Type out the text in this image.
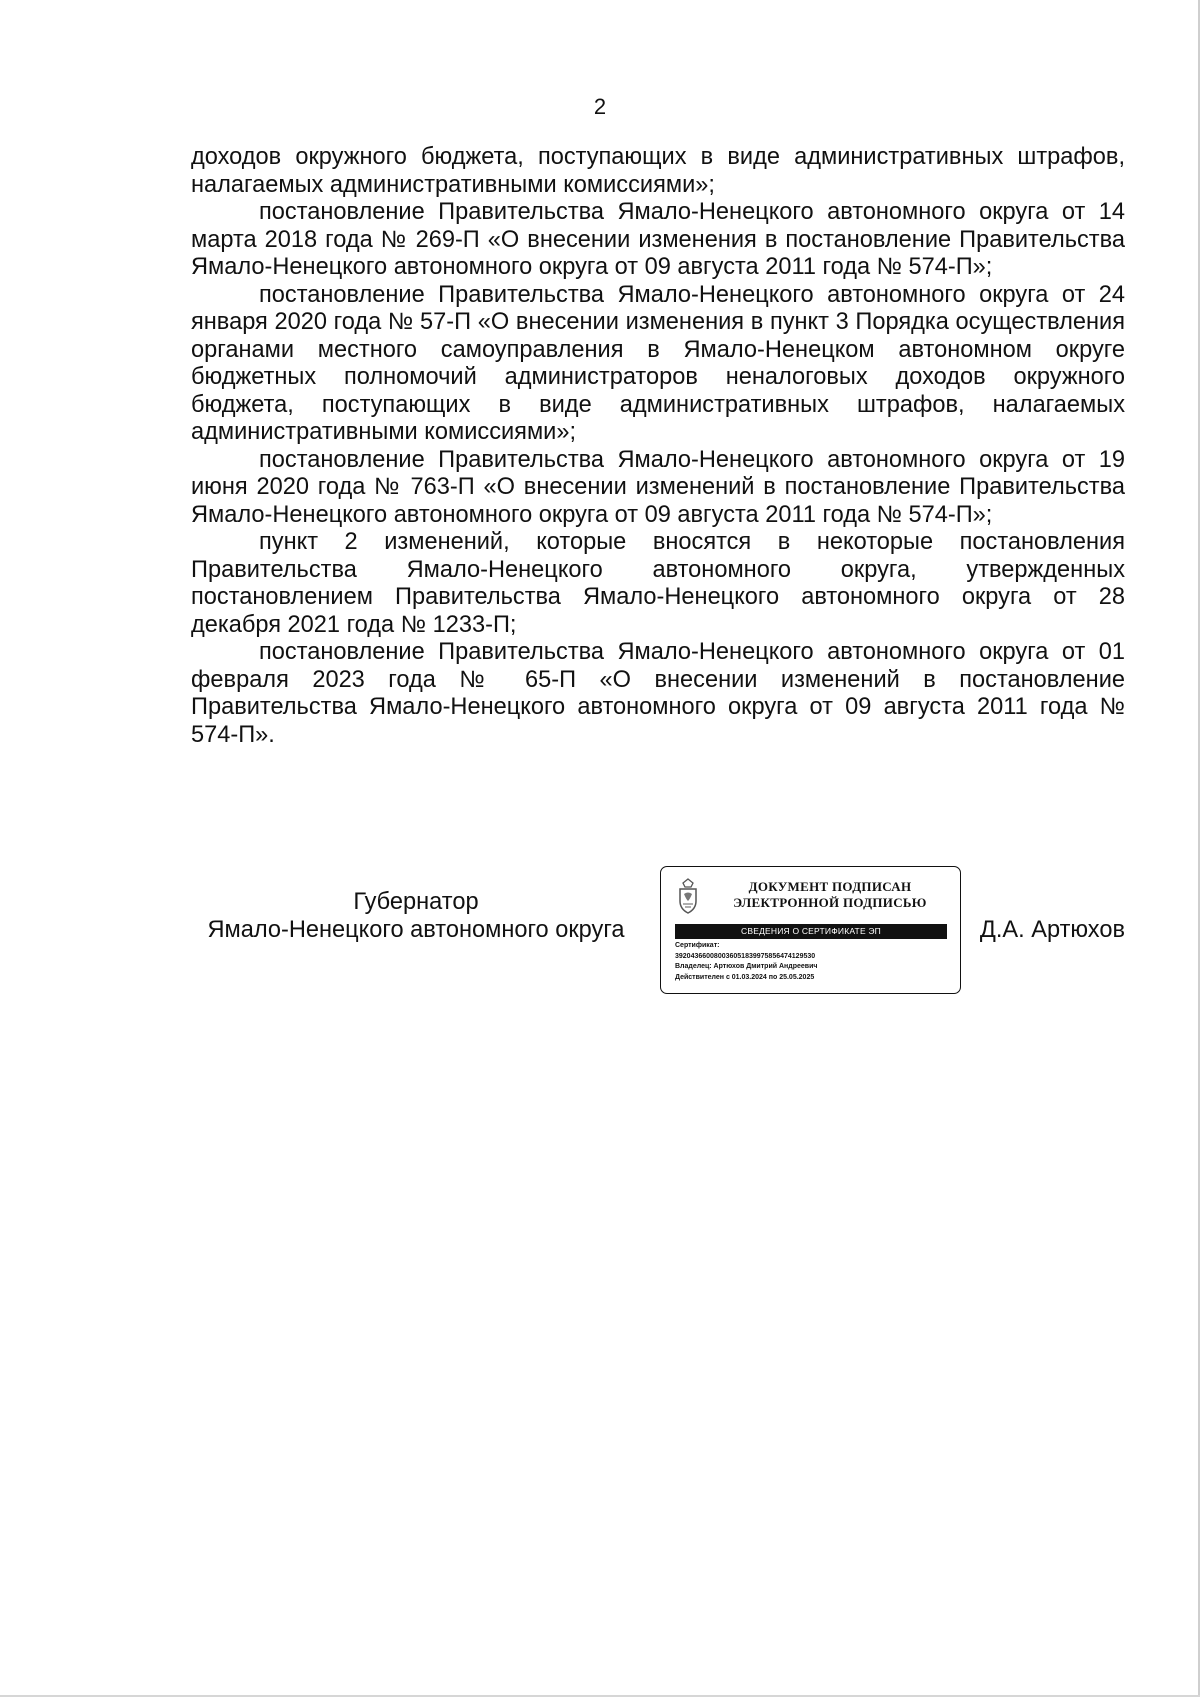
2

доходов окружного бюджета, поступающих в виде административных штрафов, налагаемых административными комиссиями»;

постановление Правительства Ямало-Ненецкого автономного округа от 14 марта 2018 года № 269-П «О внесении изменения в постановление Правительства Ямало-Ненецкого автономного округа от 09 августа 2011 года № 574-П»;

постановление Правительства Ямало-Ненецкого автономного округа от 24 января 2020 года № 57-П «О внесении изменения в пункт 3 Порядка осуществления органами местного самоуправления в Ямало-Ненецком автономном округе бюджетных полномочий администраторов неналоговых доходов окружного бюджета, поступающих в виде административных штрафов, налагаемых административными комиссиями»;

постановление Правительства Ямало-Ненецкого автономного округа от 19 июня 2020 года № 763-П «О внесении изменений в постановление Правительства Ямало-Ненецкого автономного округа от 09 августа 2011 года № 574-П»;

пункт 2 изменений, которые вносятся в некоторые постановления Правительства Ямало-Ненецкого автономного округа, утвержденных постановлением Правительства Ямало-Ненецкого автономного округа от 28 декабря 2021 года № 1233-П;

постановление Правительства Ямало-Ненецкого автономного округа от 01 февраля 2023 года № 65-П «О внесении изменений в постановление Правительства Ямало-Ненецкого автономного округа от 09 августа 2011 года № 574-П».

Губернатор
Ямало-Ненецкого автономного округа
ДОКУМЕНТ ПОДПИСАН
ЭЛЕКТРОННОЙ ПОДПИСЬЮ
СВЕДЕНИЯ О СЕРТИФИКАТЕ ЭП
Сертификат:
392043660080036051839975856474129530
Владелец: Артюхов Дмитрий Андреевич
Действителен с 01.03.2024 по 25.05.2025
Д.А. Артюхов
